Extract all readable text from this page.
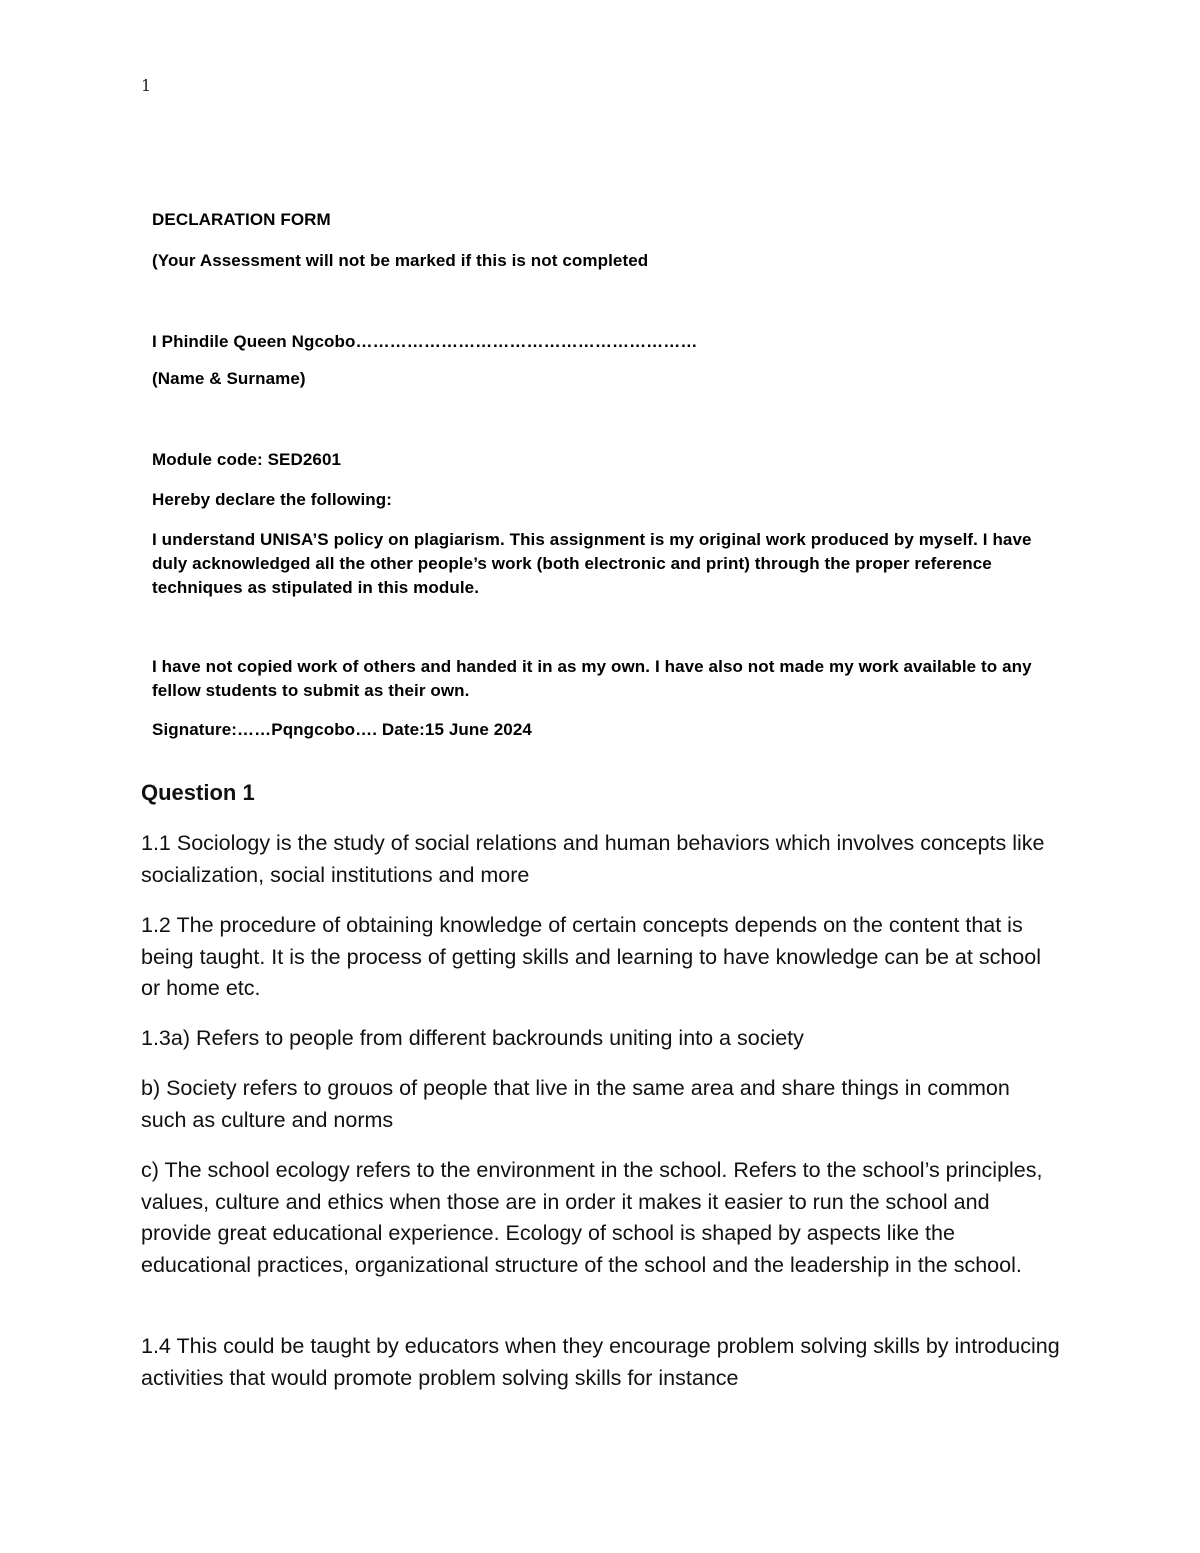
1
DECLARATION FORM
(Your Assessment will not be marked if this is not completed
I Phindile Queen Ngcobo……………………………………………………
(Name & Surname)
Module code: SED2601
Hereby declare the following:
I understand UNISA’S policy on plagiarism. This assignment is my original work produced by myself. I have duly acknowledged all the other people’s work (both electronic and print) through the proper reference techniques as stipulated in this module.
I have not copied work of others and handed it in as my own. I have also not made my work available to any fellow students to submit as their own.
Signature:……Pqngcobo…. Date:15 June 2024
Question 1
1.1 Sociology is the study of social relations and human behaviors which involves concepts like socialization, social institutions and more
1.2 The procedure of obtaining knowledge of certain concepts depends on the content that is being taught. It is the process of getting skills and learning to have knowledge can be at school or home etc.
1.3a) Refers to people from different backrounds uniting into a society
b) Society refers to grouos of people that live in the same area and share things in common such as culture and norms
c) The school ecology refers to the environment in the school. Refers to the school’s principles, values, culture and ethics when those are in order it makes it easier to run the school and provide great educational experience. Ecology of school is shaped by aspects like the educational practices, organizational structure of the school and the leadership in the school.
1.4 This could be taught by educators when they encourage problem solving skills by introducing activities that would promote problem solving skills for instance
